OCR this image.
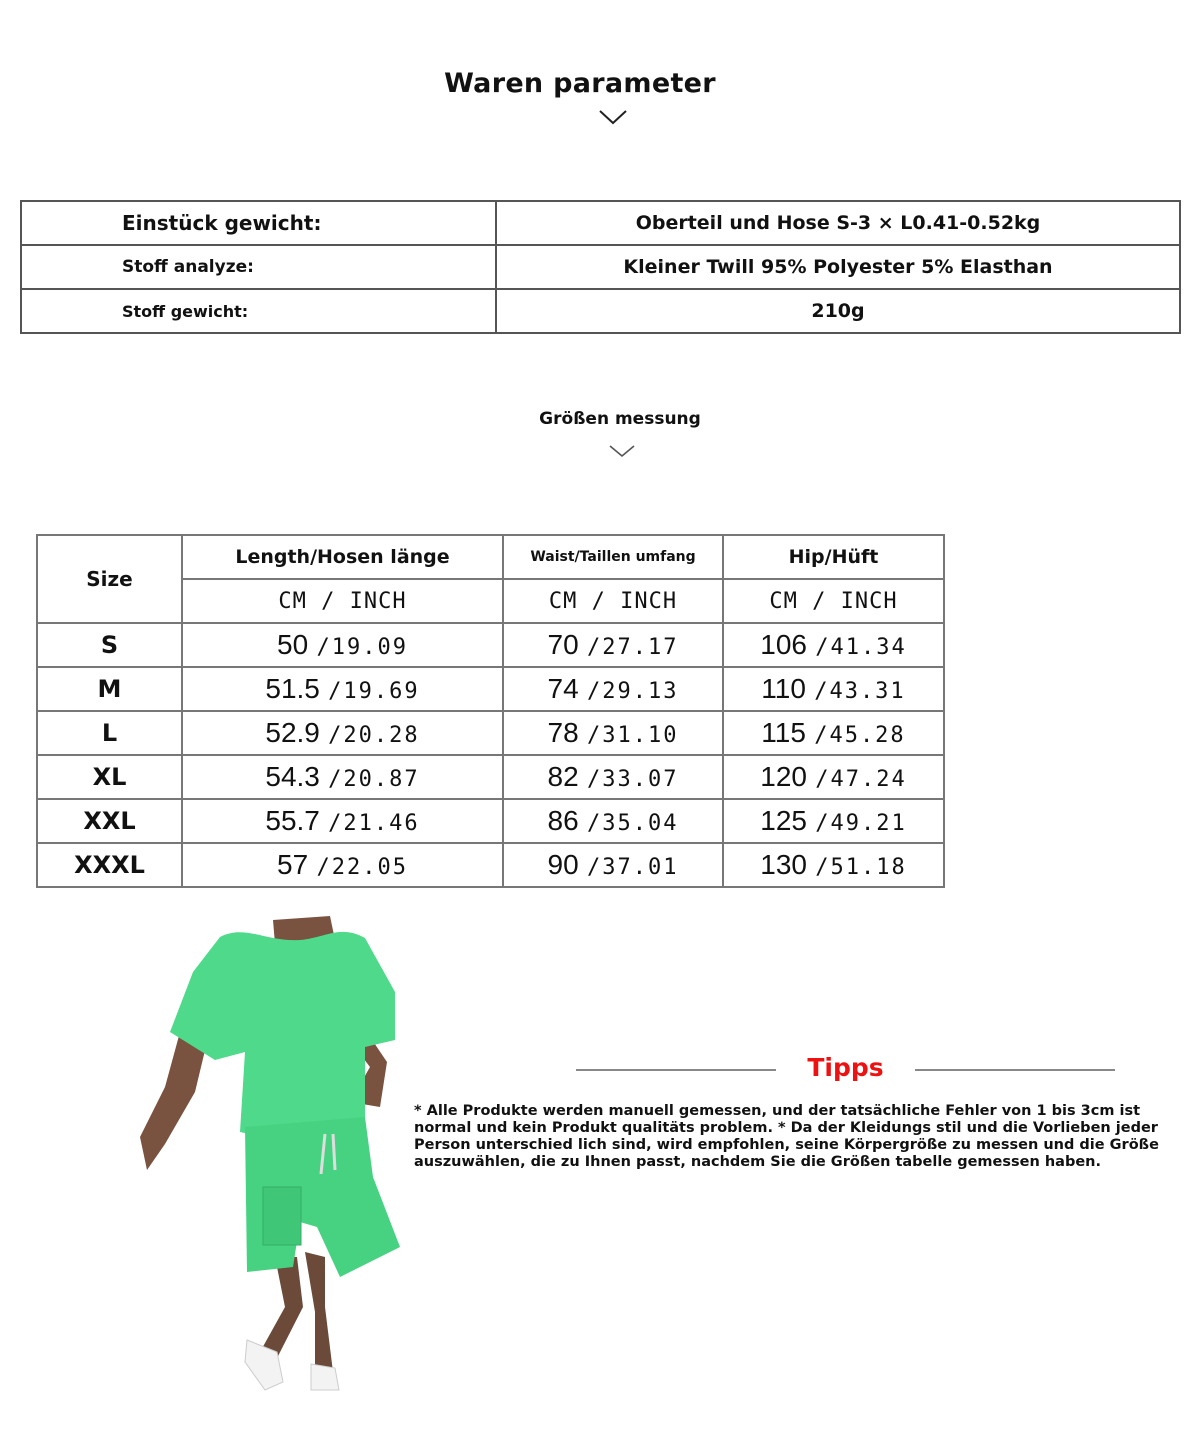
Waren parameter
Einstück gewicht:	Oberteil und Hose S-3 × L0.41-0.52kg
Stoff analyze:	Kleiner Twill 95% Polyester 5% Elasthan
Stoff gewicht:	210g
Größen messung
Size	Length/Hosen länge	Waist/Taillen umfang	Hip/Hüft
	CM / INCH	CM / INCH	CM / INCH
S	50 /19.09	70 /27.17	106 /41.34
M	51.5 /19.69	74 /29.13	110 /43.31
L	52.9 /20.28	78 /31.10	115 /45.28
XL	54.3 /20.87	82 /33.07	120 /47.24
XXL	55.7 /21.46	86 /35.04	125 /49.21
XXXL	57 /22.05	90 /37.01	130 /51.18
Tipps
* Alle Produkte werden manuell gemessen, und der tatsächliche Fehler von 1 bis 3cm ist normal und kein Produkt qualitäts problem. * Da der Kleidungs stil und die Vorlieben jeder Person unterschied lich sind, wird empfohlen, seine Körpergröße zu messen und die Größe auszuwählen, die zu Ihnen passt, nachdem Sie die Größen tabelle gemessen haben.
